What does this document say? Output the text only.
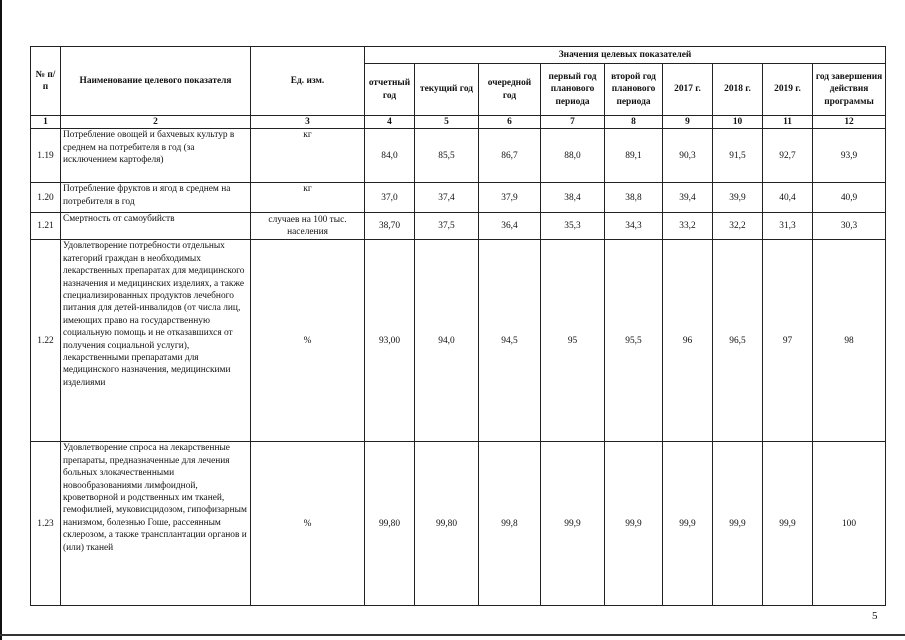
№ п/п	Наименование целевого показателя	Ед. изм.	Значения целевых показателей								
			отчетный год	текущий год	очередной год	первый год планового периода	второй год планового периода	2017 г.	2018 г.	2019 г.	год завершения действия программы
1	2	3	4	5	6	7	8	9	10	11	12
1.19	Потребление овощей и бахчевых культур в среднем на потребителя в год (за исключением картофеля)	кг	84,0	85,5	86,7	88,0	89,1	90,3	91,5	92,7	93,9
1.20	Потребление фруктов и ягод в среднем на потребителя в год	кг	37,0	37,4	37,9	38,4	38,8	39,4	39,9	40,4	40,9
1.21	Смертность от самоубийств	случаев на 100 тыс. населения	38,70	37,5	36,4	35,3	34,3	33,2	32,2	31,3	30,3
1.22	Удовлетворение потребности отдельных категорий граждан в необходимых лекарственных препаратах для медицинского назначения и медицинских изделиях, а также специализированных продуктов лечебного питания для детей-инвалидов (от числа лиц, имеющих право на государственную социальную помощь и не отказавшихся от получения социальной услуги), лекарственными препаратами для медицинского назначения, медицинскими изделиями	%	93,00	94,0	94,5	95	95,5	96	96,5	97	98
1.23	Удовлетворение спроса на лекарственные препараты, предназначенные для лечения больных злокачественными новообразованиями лимфоидной, кроветворной и родственных им тканей, гемофилией, муковисцидозом, гипофизарным нанизмом, болезнью Гоше, рассеянным склерозом, а также трансплантации органов и (или) тканей	%	99,80	99,80	99,8	99,9	99,9	99,9	99,9	99,9	100
5
